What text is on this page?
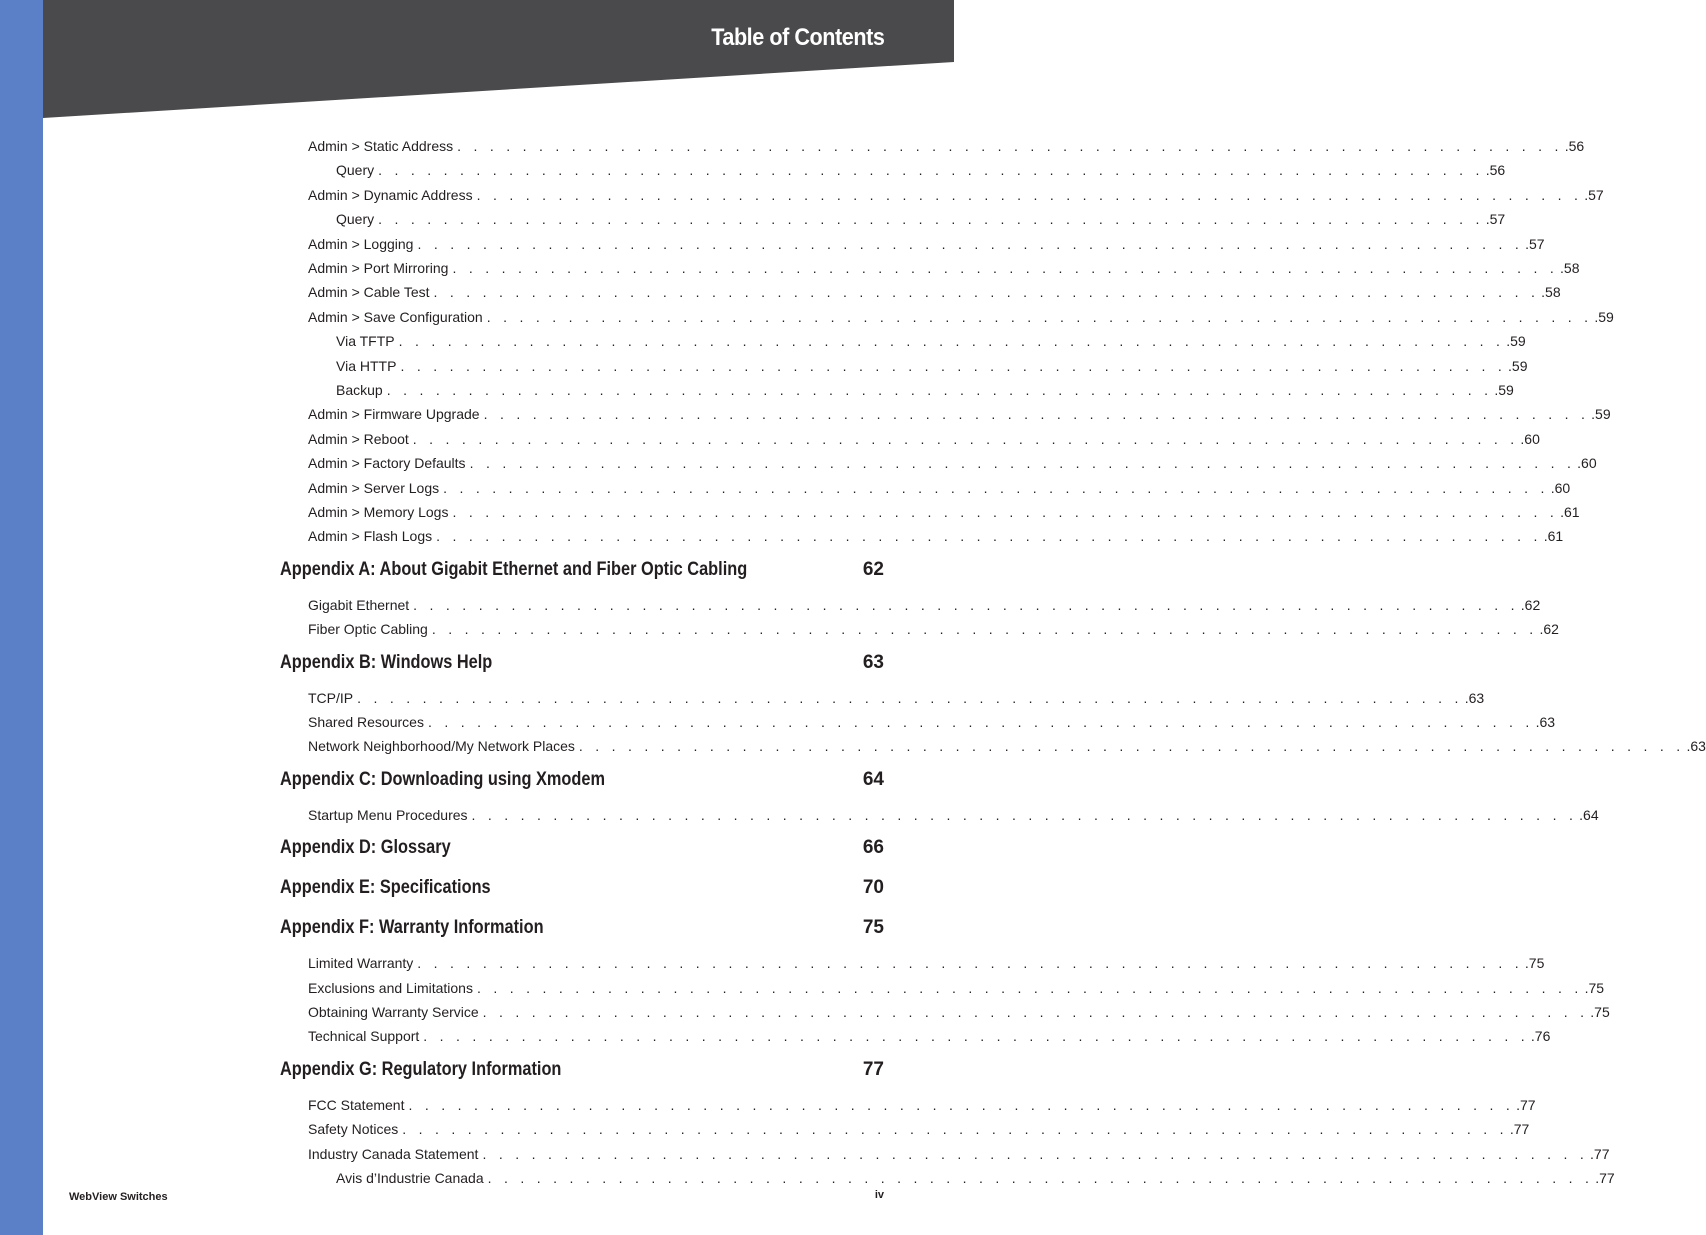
Table of Contents
Admin > Static Address . . . . . . . . . . . . . . . . . . . . . . . . . . . . . . . . . . . . . . . . . . . . . . . . . . . . . . . . . . . . . . . . . . . . .56
Query . . . . . . . . . . . . . . . . . . . . . . . . . . . . . . . . . . . . . . . . . . . . . . . . . . . . . . . . . . . . . . . . . . . . .56
Admin > Dynamic Address . . . . . . . . . . . . . . . . . . . . . . . . . . . . . . . . . . . . . . . . . . . . . . . . . . . . . . . . . . . . . . . . . . . . .57
Query . . . . . . . . . . . . . . . . . . . . . . . . . . . . . . . . . . . . . . . . . . . . . . . . . . . . . . . . . . . . . . . . . . . . .57
Admin > Logging . . . . . . . . . . . . . . . . . . . . . . . . . . . . . . . . . . . . . . . . . . . . . . . . . . . . . . . . . . . . . . . . . . . . .57
Admin > Port Mirroring . . . . . . . . . . . . . . . . . . . . . . . . . . . . . . . . . . . . . . . . . . . . . . . . . . . . . . . . . . . . . . . . . . . . .58
Admin > Cable Test . . . . . . . . . . . . . . . . . . . . . . . . . . . . . . . . . . . . . . . . . . . . . . . . . . . . . . . . . . . . . . . . . . . . .58
Admin > Save Configuration . . . . . . . . . . . . . . . . . . . . . . . . . . . . . . . . . . . . . . . . . . . . . . . . . . . . . . . . . . . . . . . . . . . . .59
Via TFTP . . . . . . . . . . . . . . . . . . . . . . . . . . . . . . . . . . . . . . . . . . . . . . . . . . . . . . . . . . . . . . . . . . . . .59
Via HTTP . . . . . . . . . . . . . . . . . . . . . . . . . . . . . . . . . . . . . . . . . . . . . . . . . . . . . . . . . . . . . . . . . . . . .59
Backup . . . . . . . . . . . . . . . . . . . . . . . . . . . . . . . . . . . . . . . . . . . . . . . . . . . . . . . . . . . . . . . . . . . . .59
Admin > Firmware Upgrade . . . . . . . . . . . . . . . . . . . . . . . . . . . . . . . . . . . . . . . . . . . . . . . . . . . . . . . . . . . . . . . . . . . . .59
Admin > Reboot . . . . . . . . . . . . . . . . . . . . . . . . . . . . . . . . . . . . . . . . . . . . . . . . . . . . . . . . . . . . . . . . . . . . .60
Admin > Factory Defaults . . . . . . . . . . . . . . . . . . . . . . . . . . . . . . . . . . . . . . . . . . . . . . . . . . . . . . . . . . . . . . . . . . . . .60
Admin > Server Logs . . . . . . . . . . . . . . . . . . . . . . . . . . . . . . . . . . . . . . . . . . . . . . . . . . . . . . . . . . . . . . . . . . . . .60
Admin > Memory Logs . . . . . . . . . . . . . . . . . . . . . . . . . . . . . . . . . . . . . . . . . . . . . . . . . . . . . . . . . . . . . . . . . . . . .61
Admin > Flash Logs . . . . . . . . . . . . . . . . . . . . . . . . . . . . . . . . . . . . . . . . . . . . . . . . . . . . . . . . . . . . . . . . . . . . .61
Appendix A: About Gigabit Ethernet and Fiber Optic Cabling	62
Gigabit Ethernet . . . . . . . . . . . . . . . . . . . . . . . . . . . . . . . . . . . . . . . . . . . . . . . . . . . . . . . . . . . . . . . . . . . . .62
Fiber Optic Cabling . . . . . . . . . . . . . . . . . . . . . . . . . . . . . . . . . . . . . . . . . . . . . . . . . . . . . . . . . . . . . . . . . . . . .62
Appendix B: Windows Help	63
TCP/IP . . . . . . . . . . . . . . . . . . . . . . . . . . . . . . . . . . . . . . . . . . . . . . . . . . . . . . . . . . . . . . . . . . . . .63
Shared Resources . . . . . . . . . . . . . . . . . . . . . . . . . . . . . . . . . . . . . . . . . . . . . . . . . . . . . . . . . . . . . . . . . . . . .63
Network Neighborhood/My Network Places . . . . . . . . . . . . . . . . . . . . . . . . . . . . . . . . . . . . . . . . . . . . . . . . . . . . . . . . . . . . . . . . . . . . .63
Appendix C: Downloading using Xmodem	64
Startup Menu Procedures . . . . . . . . . . . . . . . . . . . . . . . . . . . . . . . . . . . . . . . . . . . . . . . . . . . . . . . . . . . . . . . . . . . . .64
Appendix D: Glossary	66
Appendix E: Specifications	70
Appendix F: Warranty Information	75
Limited Warranty . . . . . . . . . . . . . . . . . . . . . . . . . . . . . . . . . . . . . . . . . . . . . . . . . . . . . . . . . . . . . . . . . . . . .75
Exclusions and Limitations . . . . . . . . . . . . . . . . . . . . . . . . . . . . . . . . . . . . . . . . . . . . . . . . . . . . . . . . . . . . . . . . . . . . .75
Obtaining Warranty Service . . . . . . . . . . . . . . . . . . . . . . . . . . . . . . . . . . . . . . . . . . . . . . . . . . . . . . . . . . . . . . . . . . . . .75
Technical Support . . . . . . . . . . . . . . . . . . . . . . . . . . . . . . . . . . . . . . . . . . . . . . . . . . . . . . . . . . . . . . . . . . . . .76
Appendix G: Regulatory Information	77
FCC Statement . . . . . . . . . . . . . . . . . . . . . . . . . . . . . . . . . . . . . . . . . . . . . . . . . . . . . . . . . . . . . . . . . . . . .77
Safety Notices . . . . . . . . . . . . . . . . . . . . . . . . . . . . . . . . . . . . . . . . . . . . . . . . . . . . . . . . . . . . . . . . . . . . .77
Industry Canada Statement . . . . . . . . . . . . . . . . . . . . . . . . . . . . . . . . . . . . . . . . . . . . . . . . . . . . . . . . . . . . . . . . . . . . .77
Avis d’Industrie Canada . . . . . . . . . . . . . . . . . . . . . . . . . . . . . . . . . . . . . . . . . . . . . . . . . . . . . . . . . . . . . . . . . . . . .77
WebView Switches	iv
